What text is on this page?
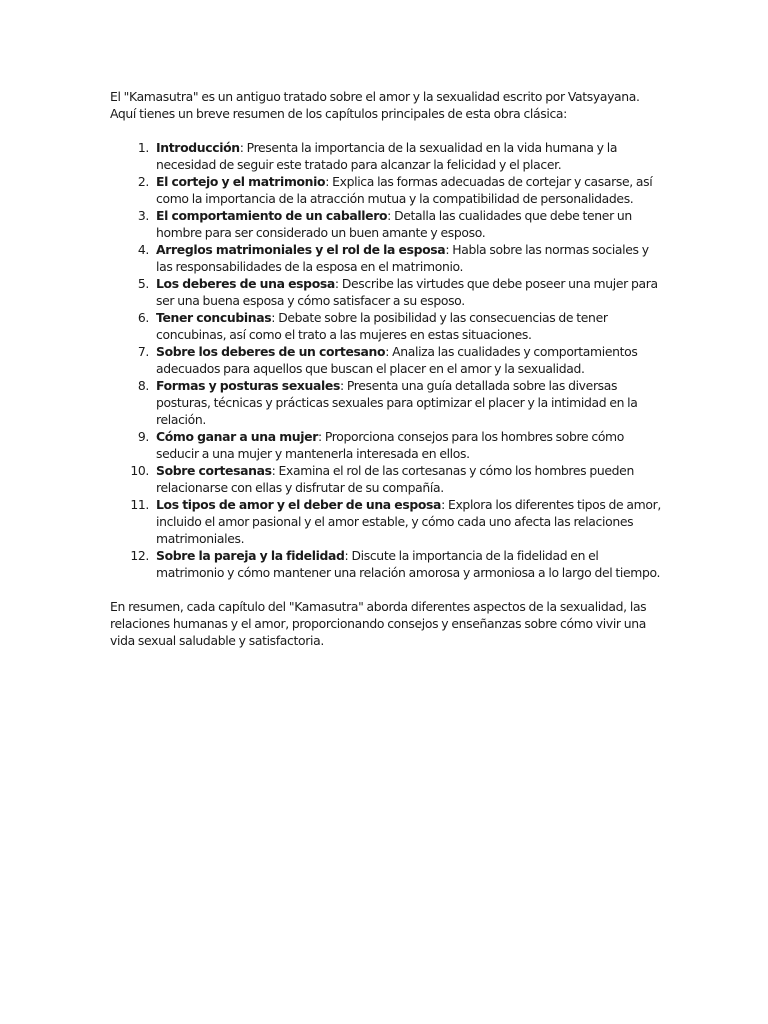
El "Kamasutra" es un antiguo tratado sobre el amor y la sexualidad escrito por Vatsyayana. Aquí tienes un breve resumen de los capítulos principales de esta obra clásica:

1. Introducción: Presenta la importancia de la sexualidad en la vida humana y la necesidad de seguir este tratado para alcanzar la felicidad y el placer.
2. El cortejo y el matrimonio: Explica las formas adecuadas de cortejar y casarse, así como la importancia de la atracción mutua y la compatibilidad de personalidades.
3. El comportamiento de un caballero: Detalla las cualidades que debe tener un hombre para ser considerado un buen amante y esposo.
4. Arreglos matrimoniales y el rol de la esposa: Habla sobre las normas sociales y las responsabilidades de la esposa en el matrimonio.
5. Los deberes de una esposa: Describe las virtudes que debe poseer una mujer para ser una buena esposa y cómo satisfacer a su esposo.
6. Tener concubinas: Debate sobre la posibilidad y las consecuencias de tener concubinas, así como el trato a las mujeres en estas situaciones.
7. Sobre los deberes de un cortesano: Analiza las cualidades y comportamientos adecuados para aquellos que buscan el placer en el amor y la sexualidad.
8. Formas y posturas sexuales: Presenta una guía detallada sobre las diversas posturas, técnicas y prácticas sexuales para optimizar el placer y la intimidad en la relación.
9. Cómo ganar a una mujer: Proporciona consejos para los hombres sobre cómo seducir a una mujer y mantenerla interesada en ellos.
10. Sobre cortesanas: Examina el rol de las cortesanas y cómo los hombres pueden relacionarse con ellas y disfrutar de su compañía.
11. Los tipos de amor y el deber de una esposa: Explora los diferentes tipos de amor, incluido el amor pasional y el amor estable, y cómo cada uno afecta las relaciones matrimoniales.
12. Sobre la pareja y la fidelidad: Discute la importancia de la fidelidad en el matrimonio y cómo mantener una relación amorosa y armoniosa a lo largo del tiempo.

En resumen, cada capítulo del "Kamasutra" aborda diferentes aspectos de la sexualidad, las relaciones humanas y el amor, proporcionando consejos y enseñanzas sobre cómo vivir una vida sexual saludable y satisfactoria.
